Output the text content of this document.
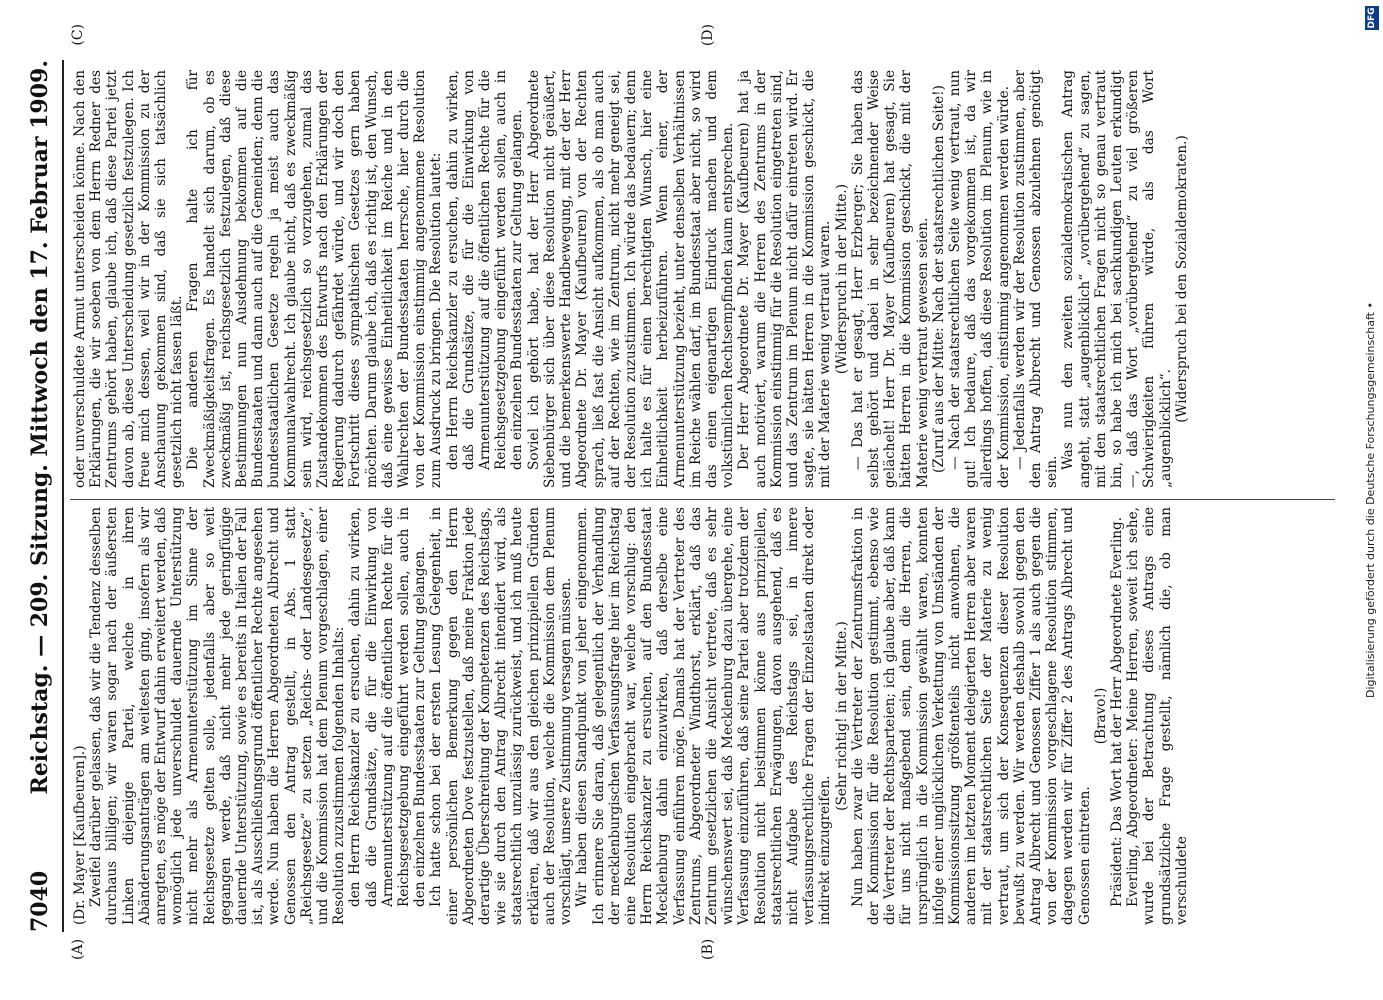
7040
Reichstag. — 209. Sitzung. Mittwoch den 17. Februar 1909.
(A)	(B)
(C)	(D)

(Dr. Mayer [Kaufbeuren].) Zweifel darüber gelassen, daß wir die Tendenz desselben durchaus billigen; wir waren sogar nach der äußersten Linken diejenige Partei, welche in ihren Abänderungsanträgen am weitesten ging, insofern als wir anregten, es möge der Entwurf dahin erweitert werden, daß womöglich jede unverschuldet dauernde Unterstützung nicht mehr als Armenunterstützung im Sinne der Reichsgesetze gelten solle, jedenfalls aber so weit gegangen werde, daß nicht mehr jede geringfügige dauernde Unterstützung, sowie es bereits in Italien der Fall ist, als Ausschließungsgrund öffentlicher Rechte angesehen werde. Nun haben die Herren Abgeordneten Albrecht und Genossen den Antrag gestellt, in Abs. 1 statt „Reichsgesetze“ zu setzen „Reichs- oder Landesgesetze“, und die Kommission hat dem Plenum vorgeschlagen, einer Resolution zuzustimmen folgenden Inhalts: den Herrn Reichskanzler zu ersuchen, dahin zu wirken, daß die Grundsätze, die für die Einwirkung von Armenunterstützung auf die öffentlichen Rechte für die Reichsgesetzgebung eingeführt werden sollen, auch in den einzelnen Bundesstaaten zur Geltung gelangen. Ich hatte schon bei der ersten Lesung Gelegenheit, in einer persönlichen Bemerkung gegen den Herrn Abgeordneten Dove festzustellen, daß meine Fraktion jede derartige Überschreitung der Kompetenzen des Reichstags, wie sie durch den Antrag Albrecht intendiert wird, als staatsrechtlich unzulässig zurückweist, und ich muß heute erklären, daß wir aus den gleichen prinzipiellen Gründen auch der Resolution, welche die Kommission dem Plenum vorschlägt, unsere Zustimmung versagen müssen. Wir haben diesen Standpunkt von jeher eingenommen. Ich erinnere Sie daran, daß gelegentlich der Verhandlung der mecklenburgischen Verfassungsfrage hier im Reichstag eine Resolution eingebracht war, welche vorschlug: den Herrn Reichskanzler zu ersuchen, auf den Bundesstaat Mecklenburg dahin einzuwirken, daß derselbe eine Verfassung einführen möge. Damals hat der Vertreter des Zentrums, Abgeordneter Windthorst, erklärt, daß das Zentrum gesetzlichen die Ansicht vertrete, daß es sehr wünschenswert sei, daß Mecklenburg dazu übergehe, eine Verfassung einzuführen, daß seine Partei aber trotzdem der Resolution nicht beistimmen könne aus prinzipiellen, staatsrechtlichen Erwägungen, davon ausgehend, daß es nicht Aufgabe des Reichstags sei, in innere verfassungsrechtliche Fragen der Einzelstaaten direkt oder indirekt einzugreifen.

(Sehr richtig! in der Mitte.) Nun haben zwar die Vertreter der Zentrumsfraktion in der Kommission für die Resolution gestimmt, ebenso wie die Vertreter der Rechtsparteien; ich glaube aber, daß kann für uns nicht maßgebend sein, denn die Herren, die ursprünglich in die Kommission gewählt waren, konnten infolge einer unglücklichen Verkettung von Umständen der Kommissionssitzung größtenteils nicht anwohnen, die anderen im letzten Moment delegierten Herren aber waren mit der staatsrechtlichen Seite der Materie zu wenig vertraut, um sich der Konsequenzen dieser Resolution bewußt zu werden. Wir werden deshalb sowohl gegen den Antrag Albrecht und Genossen Ziffer 1 als auch gegen die von der Kommission vorgeschlagene Resolution stimmen, dagegen werden wir für Ziffer 2 des Antrags Albrecht und Genossen eintreten.

(Bravo!) Präsident: Das Wort hat der Herr Abgeordnete Everling. Everling, Abgeordneter: Meine Herren, soweit ich sehe, wurde bei der Betrachtung dieses Antrags eine grundsätzliche Frage gestellt, nämlich die, ob man verschuldete

oder unverschuldete Armut unterscheiden könne. Nach den Erklärungen, die wir soeben von dem Herrn Redner des Zentrums gehört haben, glaube ich, daß diese Partei jetzt davon ab, diese Unterscheidung gesetzlich festzulegen. Ich freue mich dessen, weil wir in der Kommission zu der Anschauung gekommen sind, daß sie sich tatsächlich gesetzlich nicht fassen läßt. Die anderen Fragen halte ich für Zweckmäßigkeitsfragen. Es handelt sich darum, ob es zweckmäßig ist, reichsgesetzlich festzulegen, daß diese Bestimmungen nun Ausdehnung bekommen auf die Bundesstaaten und dann auch auf die Gemeinden; denn die bundesstaatlichen Gesetze regeln ja meist auch das Kommunalwahlrecht. Ich glaube nicht, daß es zweckmäßig sein wird, reichsgesetzlich so vorzugehen, zumal das Zustandekommen des Entwurfs nach den Erklärungen der Regierung dadurch gefährdet würde, und wir doch den Fortschritt dieses sympathischen Gesetzes gern haben möchten. Darum glaube ich, daß es richtig ist, den Wunsch, daß eine gewisse Einheitlichkeit im Reiche und in den Wahlrechten der Bundesstaaten herrsche, hier durch die von der Kommission einstimmig angenommene Resolution zum Ausdruck zu bringen. Die Resolution lautet: den Herrn Reichskanzler zu ersuchen, dahin zu wirken, daß die Grundsätze, die für die Einwirkung von Armenunterstützung auf die öffentlichen Rechte für die Reichsgesetzgebung eingeführt werden sollen, auch in den einzelnen Bundesstaaten zur Geltung gelangen. Soviel ich gehört habe, hat der Herr Abgeordnete Siebenbürger sich über diese Resolution nicht geäußert, und die bemerkenswerte Handbewegung, mit der der Herr Abgeordnete Dr. Mayer (Kaufbeuren) von der Rechten sprach, ließ fast die Ansicht aufkommen, als ob man auch auf der Rechten, wie im Zentrum, nicht mehr geneigt sei, der Resolution zuzustimmen. Ich würde das bedauern; denn ich halte es für einen berechtigten Wunsch, hier eine Einheitlichkeit herbeizuführen. Wenn einer, der Armenunterstützung bezieht, unter denselben Verhältnissen im Reiche wählen darf, im Bundesstaat aber nicht, so wird das einen eigenartigen Eindruck machen und dem volkstümlichen Rechtsempfinden kaum entsprechen. Der Herr Abgeordnete Dr. Mayer (Kaufbeuren) hat ja auch motiviert, warum die Herren des Zentrums in der Kommission einstimmig für die Resolution eingetreten sind, und das Zentrum im Plenum nicht dafür eintreten wird. Er sagte, sie hätten Herren in die Kommission geschickt, die mit der Materie wenig vertraut waren. (Widerspruch in der Mitte.) — Das hat er gesagt, Herr Erzberger; Sie haben das selbst gehört und dabei in sehr bezeichnender Weise gelächelt! Herr Dr. Mayer (Kaufbeuren) hat gesagt, Sie hätten Herren in die Kommission geschickt, die mit der Materie wenig vertraut gewesen seien. (Zuruf aus der Mitte: Nach der staatsrechtlichen Seite!) — Nach der staatsrechtlichen Seite wenig vertraut, nun gut! Ich bedaure, daß das vorgekommen ist, da wir allerdings hoffen, daß diese Resolution im Plenum, wie in der Kommission, einstimmig angenommen werden würde. — Jedenfalls werden wir der Resolution zustimmen, aber den Antrag Albrecht und Genossen abzulehnen genötigt sein.

Was nun den zweiten sozialdemokratischen Antrag angeht, statt „augenblicklich“ „vorübergehend“ zu sagen, mit den staatsrechtlichen Fragen nicht so genau vertraut bin, so habe ich mich bei sachkundigen Leuten erkundigt —, daß das Wort „vorübergehend“ zu viel größeren Schwierigkeiten führen würde, als das Wort „augenblicklich“.

(Widerspruch bei den Sozialdemokraten.)

Digitalisierung gefördert durch die Deutsche Forschungsgemeinschaft •
DFG
